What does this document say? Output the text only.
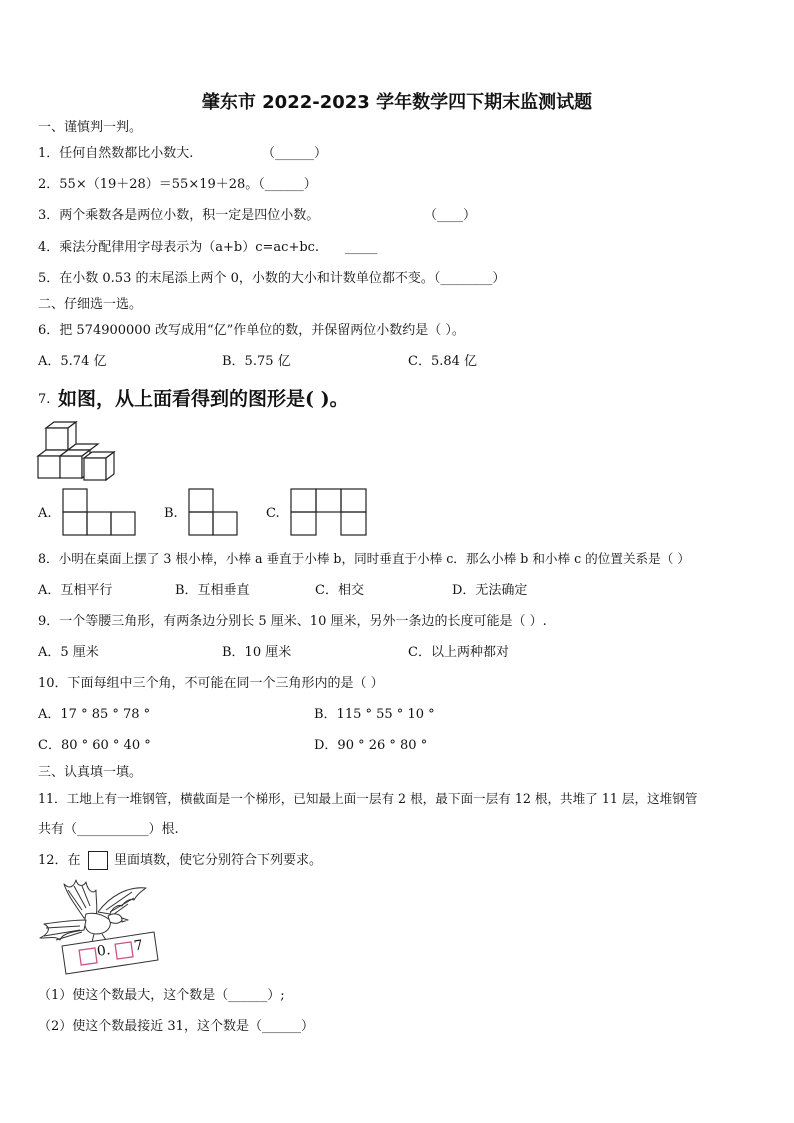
肇东市 2022-2023 学年数学四下期末监测试题
一、谨慎判一判。
1．任何自然数都比小数大.	（______）
2．55×（19＋28）＝55×19＋28。（______）
3．两个乘数各是两位小数，积一定是四位小数。	（____）
4．乘法分配律用字母表示为（a+b）c=ac+bc. _____
5．在小数 0.53 的末尾添上两个 0，小数的大小和计数单位都不变。（________）
二、仔细选一选。
6．把 574900000 改写成用“亿”作单位的数，并保留两位小数约是（ ）。
A．5.74 亿	B．5.75 亿	C．5.84 亿
7. 如图，从上面看得到的图形是( )。
A.	B.	C.
8．小明在桌面上摆了 3 根小棒，小棒 a 垂直于小棒 b，同时垂直于小棒 c．那么小棒 b 和小棒 c 的位置关系是（ ）
A．互相平行	B．互相垂直	C．相交	D．无法确定
9．一个等腰三角形，有两条边分别长 5 厘米、10 厘米，另外一条边的长度可能是（ ）.
A．5 厘米	B．10 厘米	C．以上两种都对
10．下面每组中三个角，不可能在同一个三角形内的是（ ）
A．17 ° 85 ° 78 °	B．115 ° 55 ° 10 °
C．80 ° 60 ° 40 °	D．90 ° 26 ° 80 °
三、认真填一填。
11．工地上有一堆钢管，横截面是一个梯形，已知最上面一层有 2 根，最下面一层有 12 根，共堆了 11 层，这堆钢管
共有（___________）根.
12．在	里面填数，使它分别符合下列要求。
0. 7
（1）使这个数最大，这个数是（______）;
（2）使这个数最接近 31，这个数是（______）
